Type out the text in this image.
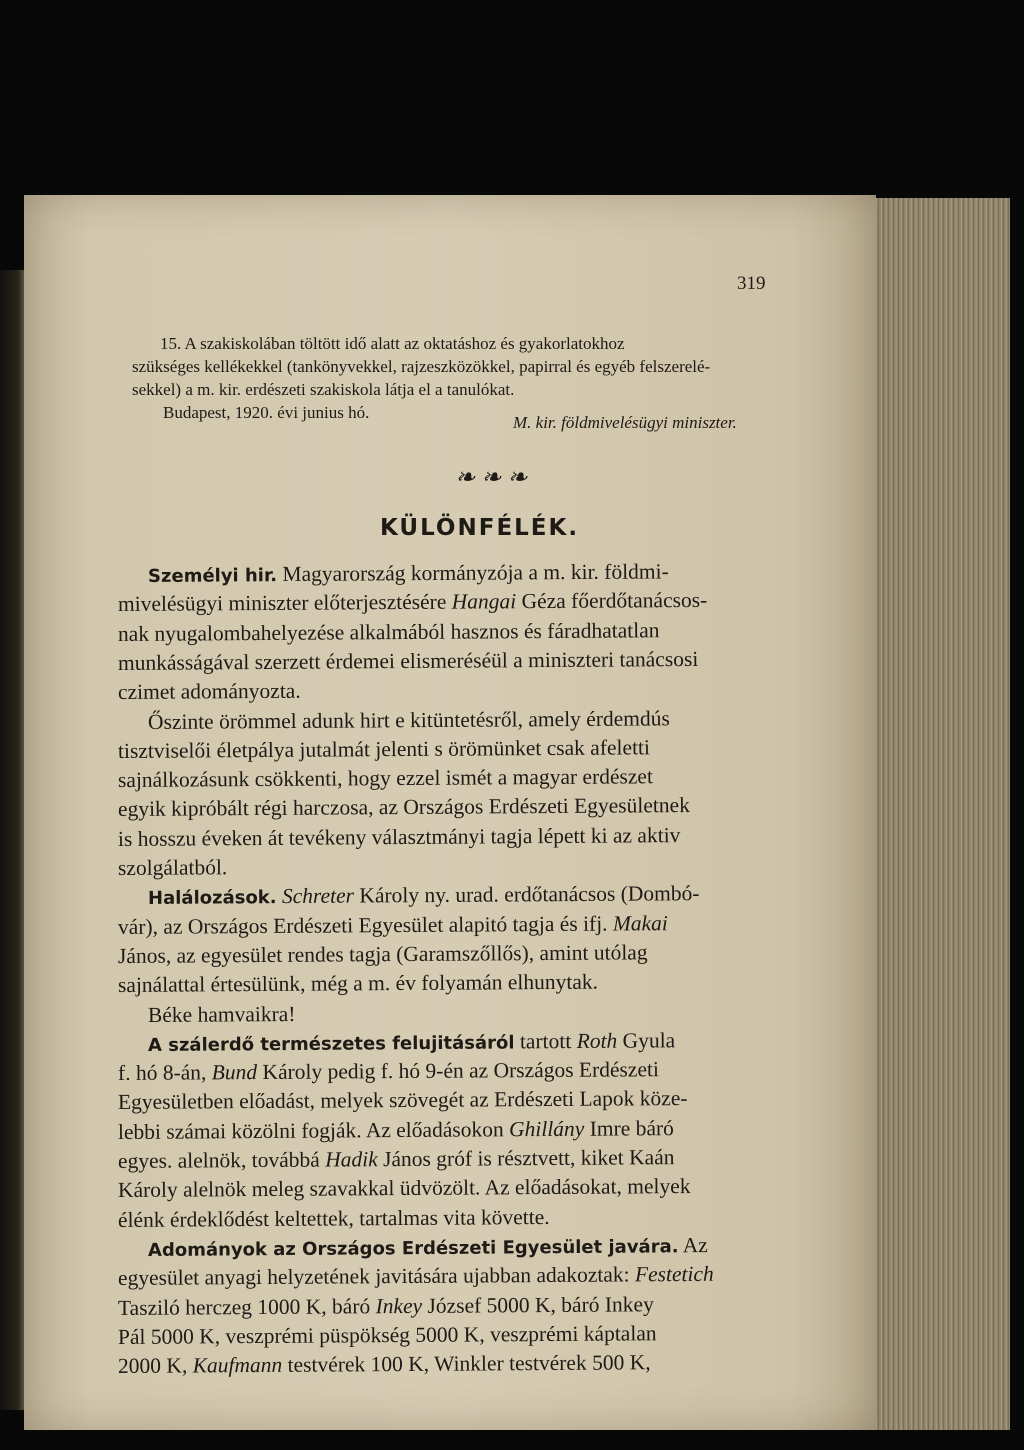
319
15. A szakiskolában töltött idő alatt az oktatáshoz és gyakorlatokhoz
szükséges kellékekkel (tankönyvekkel, rajzeszközökkel, papirral és egyéb felszerelé-
sekkel) a m. kir. erdészeti szakiskola látja el a tanulókat.
Budapest, 1920. évi junius hó.
M. kir. földmivelésügyi miniszter.
❧ ❧ ❧
KÜLÖNFÉLÉK.
Személyi hir. Magyarország kormányzója a m. kir. földmi-
mivelésügyi miniszter előterjesztésére Hangai Géza főerdőtanácsos-
nak nyugalombahelyezése alkalmából hasznos és fáradhatatlan
munkásságával szerzett érdemei elismeréséül a miniszteri tanácsosi
czimet adományozta.
Őszinte örömmel adunk hirt e kitüntetésről, amely érdemdús
tisztviselői életpálya jutalmát jelenti s örömünket csak afeletti
sajnálkozásunk csökkenti, hogy ezzel ismét a magyar erdészet
egyik kipróbált régi harczosa, az Országos Erdészeti Egyesületnek
is hosszu éveken át tevékeny választmányi tagja lépett ki az aktiv
szolgálatból.
Halálozások. Schreter Károly ny. urad. erdőtanácsos (Dombó-
vár), az Országos Erdészeti Egyesület alapitó tagja és ifj. Makai
János, az egyesület rendes tagja (Garamszőllős), amint utólag
sajnálattal értesülünk, még a m. év folyamán elhunytak.
Béke hamvaikra!
A szálerdő természetes felujitásáról tartott Roth Gyula
f. hó 8-án, Bund Károly pedig f. hó 9-én az Országos Erdészeti
Egyesületben előadást, melyek szövegét az Erdészeti Lapok köze-
lebbi számai közölni fogják. Az előadásokon Ghillány Imre báró
egyes. alelnök, továbbá Hadik János gróf is résztvett, kiket Kaán
Károly alelnök meleg szavakkal üdvözölt. Az előadásokat, melyek
élénk érdeklődést keltettek, tartalmas vita követte.
Adományok az Országos Erdészeti Egyesület javára. Az
egyesület anyagi helyzetének javitására ujabban adakoztak: Festetich
Tasziló herczeg 1000 K, báró Inkey József 5000 K, báró Inkey
Pál 5000 K, veszprémi püspökség 5000 K, veszprémi káptalan
2000 K, Kaufmann testvérek 100 K, Winkler testvérek 500 K,
